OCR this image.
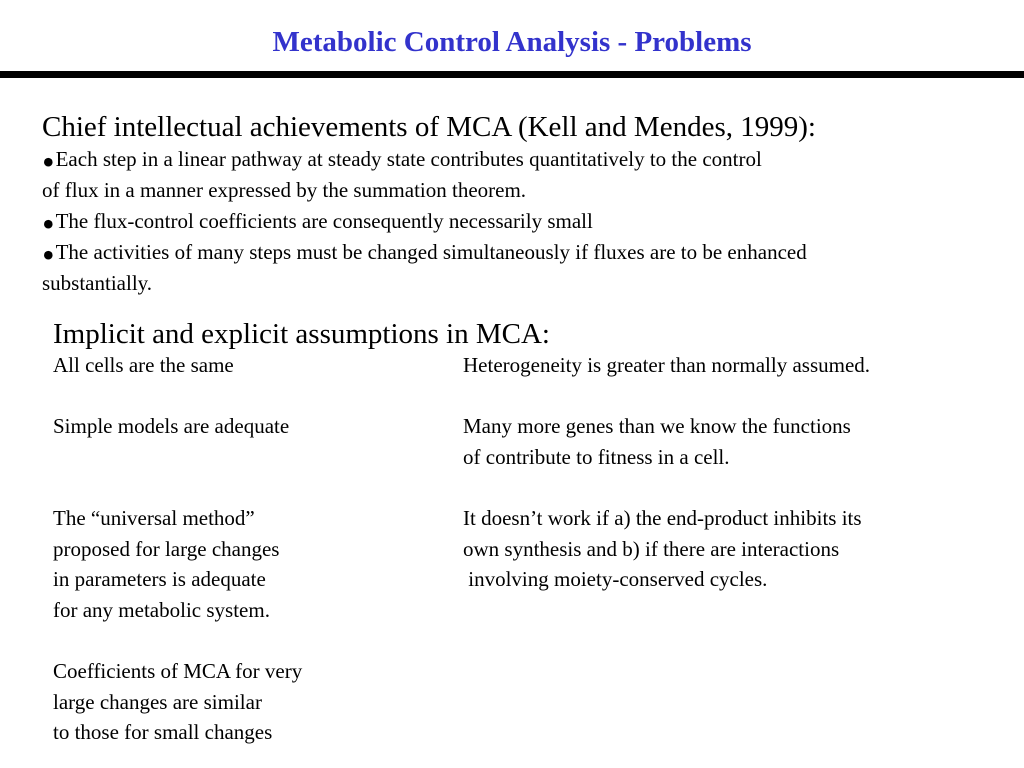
Metabolic Control Analysis - Problems
Chief intellectual achievements of MCA (Kell and Mendes, 1999):
•Each step in a linear pathway at steady state contributes quantitatively to the control
of flux in a manner expressed by the summation theorem.
•The flux-control coefficients are consequently necessarily small
•The activities of many steps must be changed simultaneously if fluxes are to be enhanced
substantially.
Implicit and explicit assumptions in MCA:
All cells are the same	Heterogeneity is greater than normally assumed.
Simple models are adequate	Many more genes than we know the functions
of contribute to fitness in a cell.
The “universal method”	It doesn’t work if a) the end-product inhibits its
proposed for large changes	own synthesis and b) if there are interactions
in parameters is adequate	involving moiety-conserved cycles.
for any metabolic system.
Coefficients of MCA for very
large changes are similar
to those for small changes
